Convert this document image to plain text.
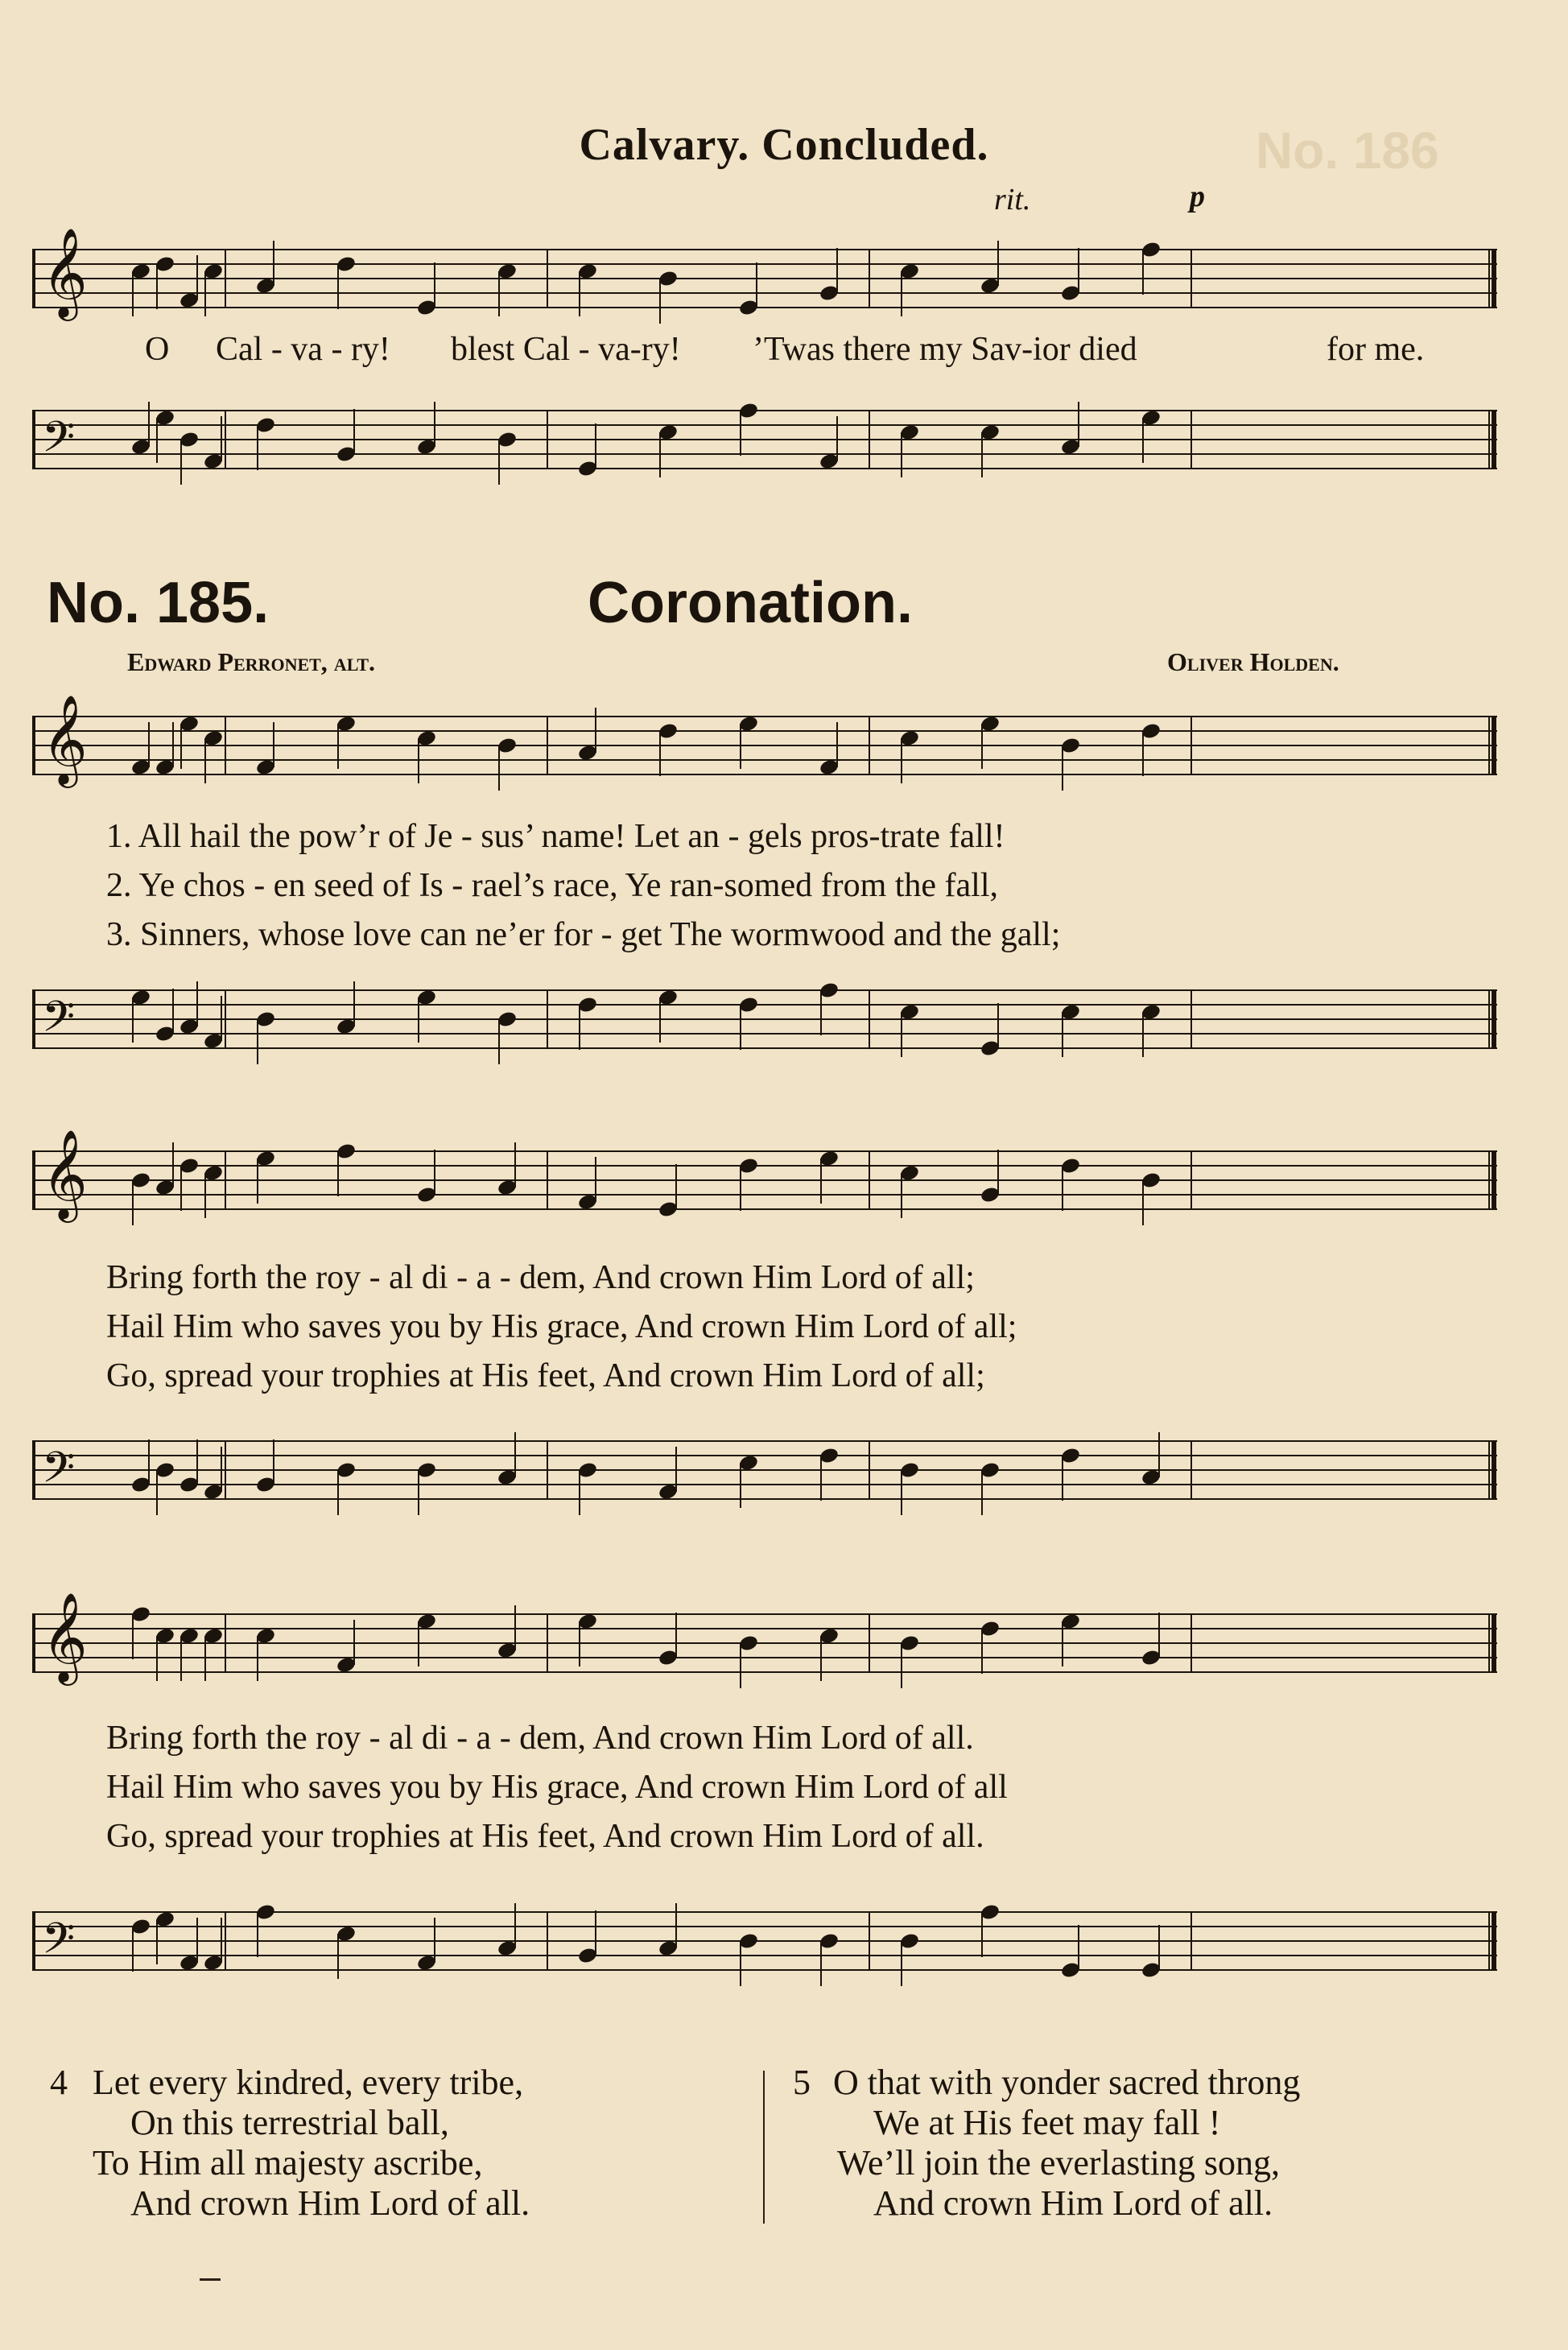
No. 186
Calvary. Concluded.
𝄞
rit.	p
O Cal - va - ry! blest Cal - va-ry! ’Twas there my Sav-ior died	for me.
𝄢
No. 185.	Coronation.
Edward Perronet, alt.	Oliver Holden.
𝄞
1. All hail the pow’r of Je - sus’ name! Let an - gels pros-trate fall!
2. Ye chos - en seed of Is - rael’s race, Ye ran-somed from the fall,
3. Sinners, whose love can ne’er for - get The wormwood and the gall;
𝄢
𝄞
Bring forth the roy - al di - a - dem, And crown Him Lord of all;
Hail Him who saves you by His grace, And crown Him Lord of all;
Go, spread your trophies at His feet, And crown Him Lord of all;
𝄢
𝄞
Bring forth the roy - al di - a - dem, And crown Him Lord of all.
Hail Him who saves you by His grace, And crown Him Lord of all
Go, spread your trophies at His feet, And crown Him Lord of all.
𝄢
4 Let every kindred, every tribe,
On this terrestrial ball,
To Him all majesty ascribe,
And crown Him Lord of all.
5 O that with yonder sacred throng
We at His feet may fall !
We’ll join the everlasting song,
And crown Him Lord of all.
